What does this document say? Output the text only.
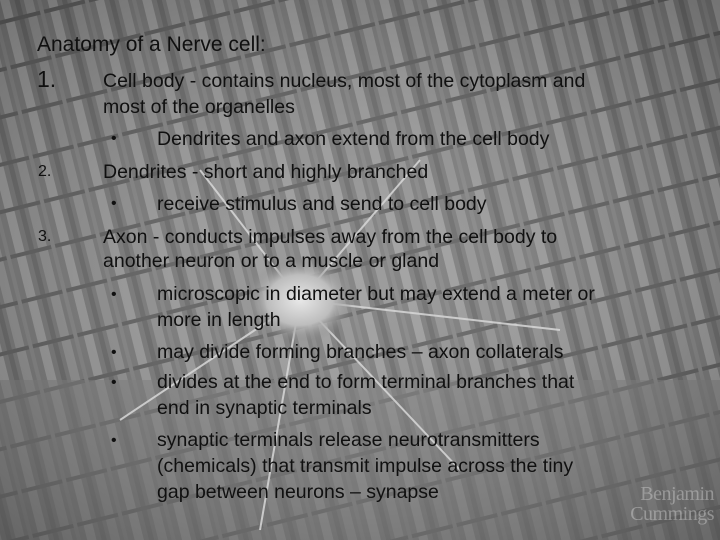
Anatomy of a Nerve cell:
1. Cell body - contains nucleus, most of the cytoplasm and
most of the organelles
• Dendrites and axon extend from the cell body
2.	Dendrites - short and highly branched
• receive stimulus and send to cell body
3.	Axon - conducts impulses away from the cell body to
another neuron or to a muscle or gland
• microscopic in diameter but may extend a meter or
more in length
• may divide forming branches – axon collaterals
• divides at the end to form terminal branches that
end in synaptic terminals
• synaptic terminals release neurotransmitters
(chemicals) that transmit impulse across the tiny
gap between neurons – synapse	Benjamin
Cummings
